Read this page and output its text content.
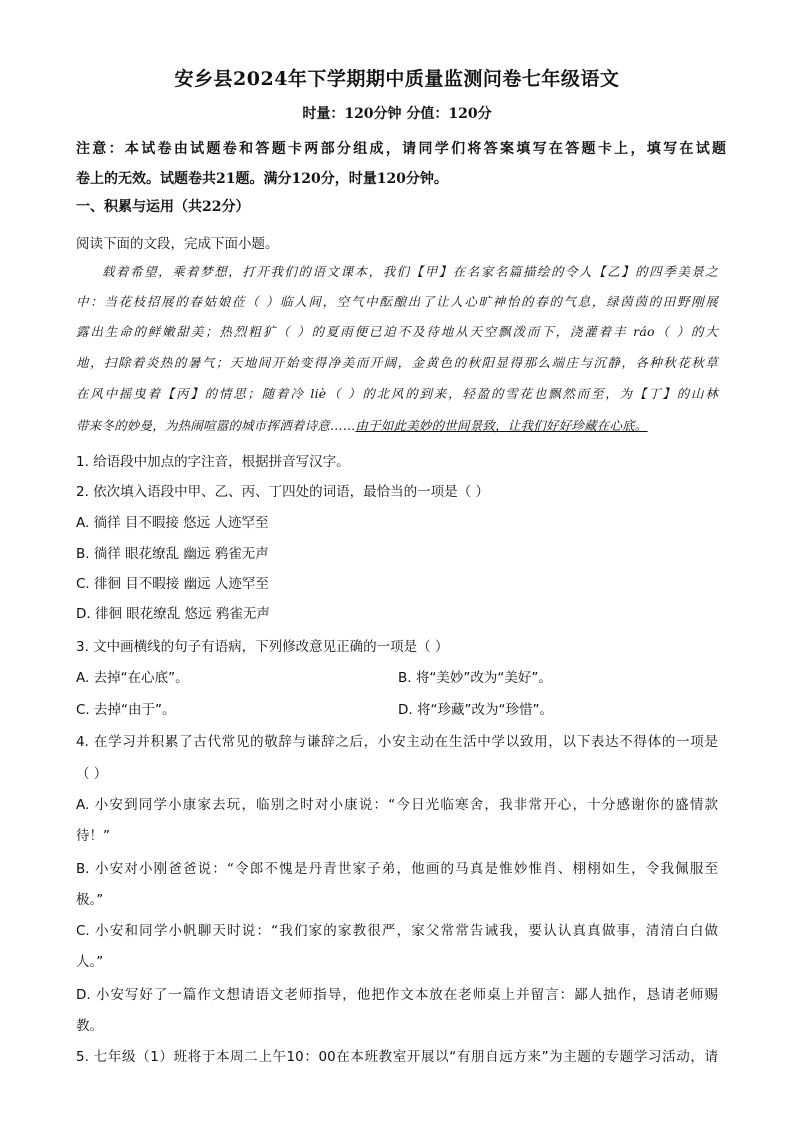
安乡县2024年下学期期中质量监测问卷七年级语文
时量：120分钟 分值：120分
注意：本试卷由试题卷和答题卡两部分组成，请同学们将答案填写在答题卡上，填写在试题
卷上的无效。试题卷共21题。满分120分，时量120分钟。
一、积累与运用（共22分）
阅读下面的文段，完成下面小题。
载着希望，乘着梦想，打开我们的语文课本，我们【甲】在名家名篇描绘的令人【乙】的四季美景之
中：当花枝招展的春姑娘莅（ ）临人间，空气中酝酿出了让人心旷神怡的春的气息，绿茵茵的田野刚展
露出生命的鲜嫩甜美；热烈粗犷（ ）的夏雨便已迫不及待地从天空飘泼而下，浇灌着丰 ráo（ ）的大
地，扫除着炎热的暑气；天地间开始变得净美而开阔，金黄色的秋阳显得那么端庄与沉静，各种秋花秋草
在风中摇曳着【丙】的情思；随着冷 liè（ ）的北风的到来，轻盈的雪花也飘然而至，为【丁】的山林
带来冬的妙曼，为热闹喧嚣的城市挥洒着诗意……由于如此美妙的世间景致，让我们好好珍藏在心底。
1. 给语段中加点的字注音，根据拼音写汉字。
2. 依次填入语段中甲、乙、丙、丁四处的词语，最恰当的一项是（ ）
A. 徜徉 目不暇接 悠远 人迹罕至
B. 徜徉 眼花缭乱 幽远 鸦雀无声
C. 徘徊 目不暇接 幽远 人迹罕至
D. 徘徊 眼花缭乱 悠远 鸦雀无声
3. 文中画横线的句子有语病，下列修改意见正确的一项是（ ）
A. 去掉“在心底”。	B. 将“美妙”改为“美好”。
C. 去掉“由于”。	D. 将“珍藏”改为“珍惜”。
4. 在学习并积累了古代常见的敬辞与谦辞之后，小安主动在生活中学以致用，以下表达不得体的一项是
（ ）
A. 小安到同学小康家去玩，临别之时对小康说：“今日光临寒舍，我非常开心，十分感谢你的盛情款
待！”
B. 小安对小刚爸爸说：“令郎不愧是丹青世家子弟，他画的马真是惟妙惟肖、栩栩如生，令我佩服至
极。”
C. 小安和同学小帆聊天时说：“我们家的家教很严，家父常常告诫我，要认认真真做事，清清白白做
人。”
D. 小安写好了一篇作文想请语文老师指导，他把作文本放在老师桌上并留言：鄙人拙作，恳请老师赐
教。
5. 七年级（1）班将于本周二上午10：00在本班教室开展以“有朋自远方来”为主题的专题学习活动，请
